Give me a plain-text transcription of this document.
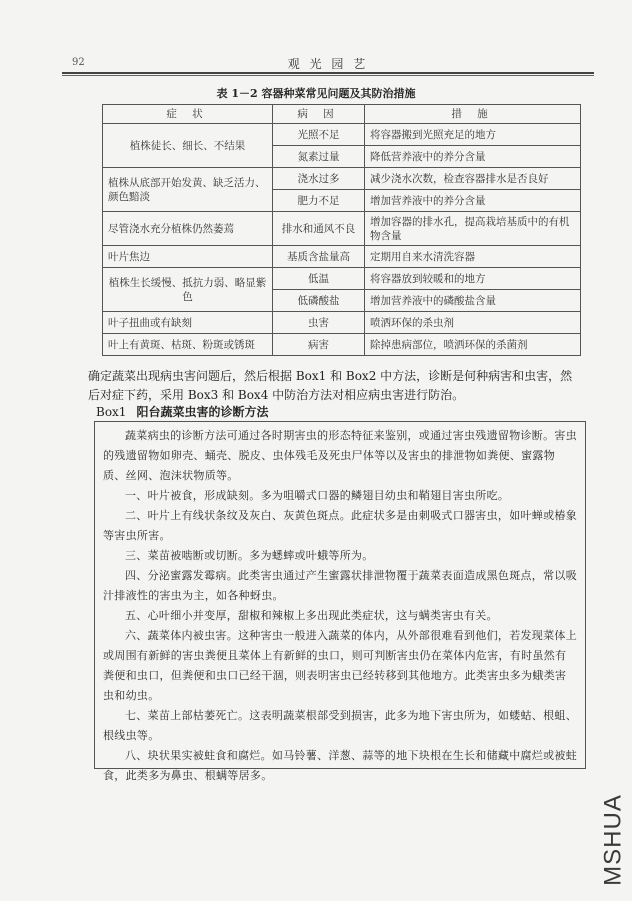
92	观 光 园 艺
表 1－2 容器种菜常见问题及其防治措施
症 状	病 因	措 施
植株徒长、细长、不结果	光照不足	将容器搬到光照充足的地方
	氮素过量	降低营养液中的养分含量
植株从底部开始发黄、缺乏活力、颜色黯淡	浇水过多	减少浇水次数，检查容器排水是否良好
	肥力不足	增加营养液中的养分含量
尽管浇水充分植株仍然萎蔫	排水和通风不良	增加容器的排水孔，提高栽培基质中的有机物含量
叶片焦边	基质含盐量高	定期用自来水清洗容器
植株生长缓慢、抵抗力弱、略显紫色	低温	将容器放到较暖和的地方
	低磷酸盐	增加营养液中的磷酸盐含量
叶子扭曲或有缺刻	虫害	喷洒环保的杀虫剂
叶上有黄斑、枯斑、粉斑或锈斑	病害	除掉患病部位，喷洒环保的杀菌剂
确定蔬菜出现病虫害问题后，然后根据 Box1 和 Box2 中方法，诊断是何种病害和虫害，然后对症下药，采用 Box3 和 Box4 中防治方法对相应病虫害进行防治。
Box1 阳台蔬菜虫害的诊断方法

蔬菜病虫的诊断方法可通过各时期害虫的形态特征来鉴别，或通过害虫残遗留物诊断。害虫的残遗留物如卵壳、蛹壳、脱皮、虫体残毛及死虫尸体等以及害虫的排泄物如粪便、蜜露物质、丝网、泡沫状物质等。

一、叶片被食，形成缺刻。多为咀嚼式口器的鳞翅目幼虫和鞘翅目害虫所吃。

二、叶片上有线状条纹及灰白、灰黄色斑点。此症状多是由刺吸式口器害虫，如叶蝉或椿象等害虫所害。

三、菜苗被啮断或切断。多为蟋蟀或叶蛾等所为。

四、分泌蜜露发霉病。此类害虫通过产生蜜露状排泄物覆于蔬菜表面造成黑色斑点，常以吸汁排液性的害虫为主，如各种蚜虫。

五、心叶细小并变厚，甜椒和辣椒上多出现此类症状，这与螨类害虫有关。

六、蔬菜体内被虫害。这种害虫一般进入蔬菜的体内，从外部很难看到他们，若发现菜体上或周围有新鲜的害虫粪便且菜体上有新鲜的虫口，则可判断害虫仍在菜体内危害，有时虽然有粪便和虫口，但粪便和虫口已经干涸，则表明害虫已经转移到其他地方。此类害虫多为蛾类害虫和幼虫。

七、菜苗上部枯萎死亡。这表明蔬菜根部受到损害，此多为地下害虫所为，如蝼蛄、根蛆、根线虫等。

八、块状果实被蛀食和腐烂。如马铃薯、洋葱、蒜等的地下块根在生长和储藏中腐烂或被蛀食，此类多为鼻虫、根螨等居多。

MSHUA
